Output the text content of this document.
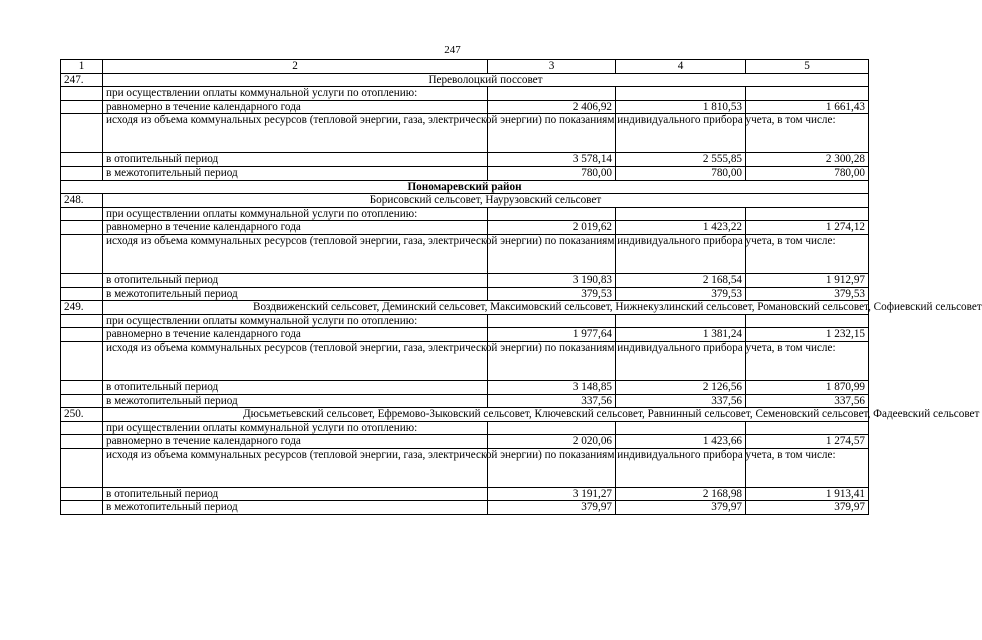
247
1	2	3	4	5
247.	Переволоцкий поссовет			
	при осуществлении оплаты коммунальной услуги по отоплению:			
	равномерно в течение календарного года	2 406,92	1 810,53	1 661,43
	исходя из объема коммунальных ресурсов (тепловой энергии, газа, электрической энергии) по показаниям индивидуального прибора учета, в том числе:			
	в отопительный период	3 578,14	2 555,85	2 300,28
	в межотопительный период	780,00	780,00	780,00
Пономаревский район				
248.	Борисовский сельсовет, Наурузовский сельсовет			
	при осуществлении оплаты коммунальной услуги по отоплению:			
	равномерно в течение календарного года	2 019,62	1 423,22	1 274,12
	исходя из объема коммунальных ресурсов (тепловой энергии, газа, электрической энергии) по показаниям индивидуального прибора учета, в том числе:			
	в отопительный период	3 190,83	2 168,54	1 912,97
	в межотопительный период	379,53	379,53	379,53
249.	Воздвиженский сельсовет, Деминский сельсовет, Максимовский сельсовет, Нижнекузлинский сельсовет, Романовский сельсовет, Софиевский сельсовет			
	при осуществлении оплаты коммунальной услуги по отоплению:			
	равномерно в течение календарного года	1 977,64	1 381,24	1 232,15
	исходя из объема коммунальных ресурсов (тепловой энергии, газа, электрической энергии) по показаниям индивидуального прибора учета, в том числе:			
	в отопительный период	3 148,85	2 126,56	1 870,99
	в межотопительный период	337,56	337,56	337,56
250.	Дюсьметьевский сельсовет, Ефремово-Зыковский сельсовет, Ключевский сельсовет, Равнинный сельсовет, Семеновский сельсовет, Фадеевский сельсовет			
	при осуществлении оплаты коммунальной услуги по отоплению:			
	равномерно в течение календарного года	2 020,06	1 423,66	1 274,57
	исходя из объема коммунальных ресурсов (тепловой энергии, газа, электрической энергии) по показаниям индивидуального прибора учета, в том числе:			
	в отопительный период	3 191,27	2 168,98	1 913,41
	в межотопительный период	379,97	379,97	379,97
